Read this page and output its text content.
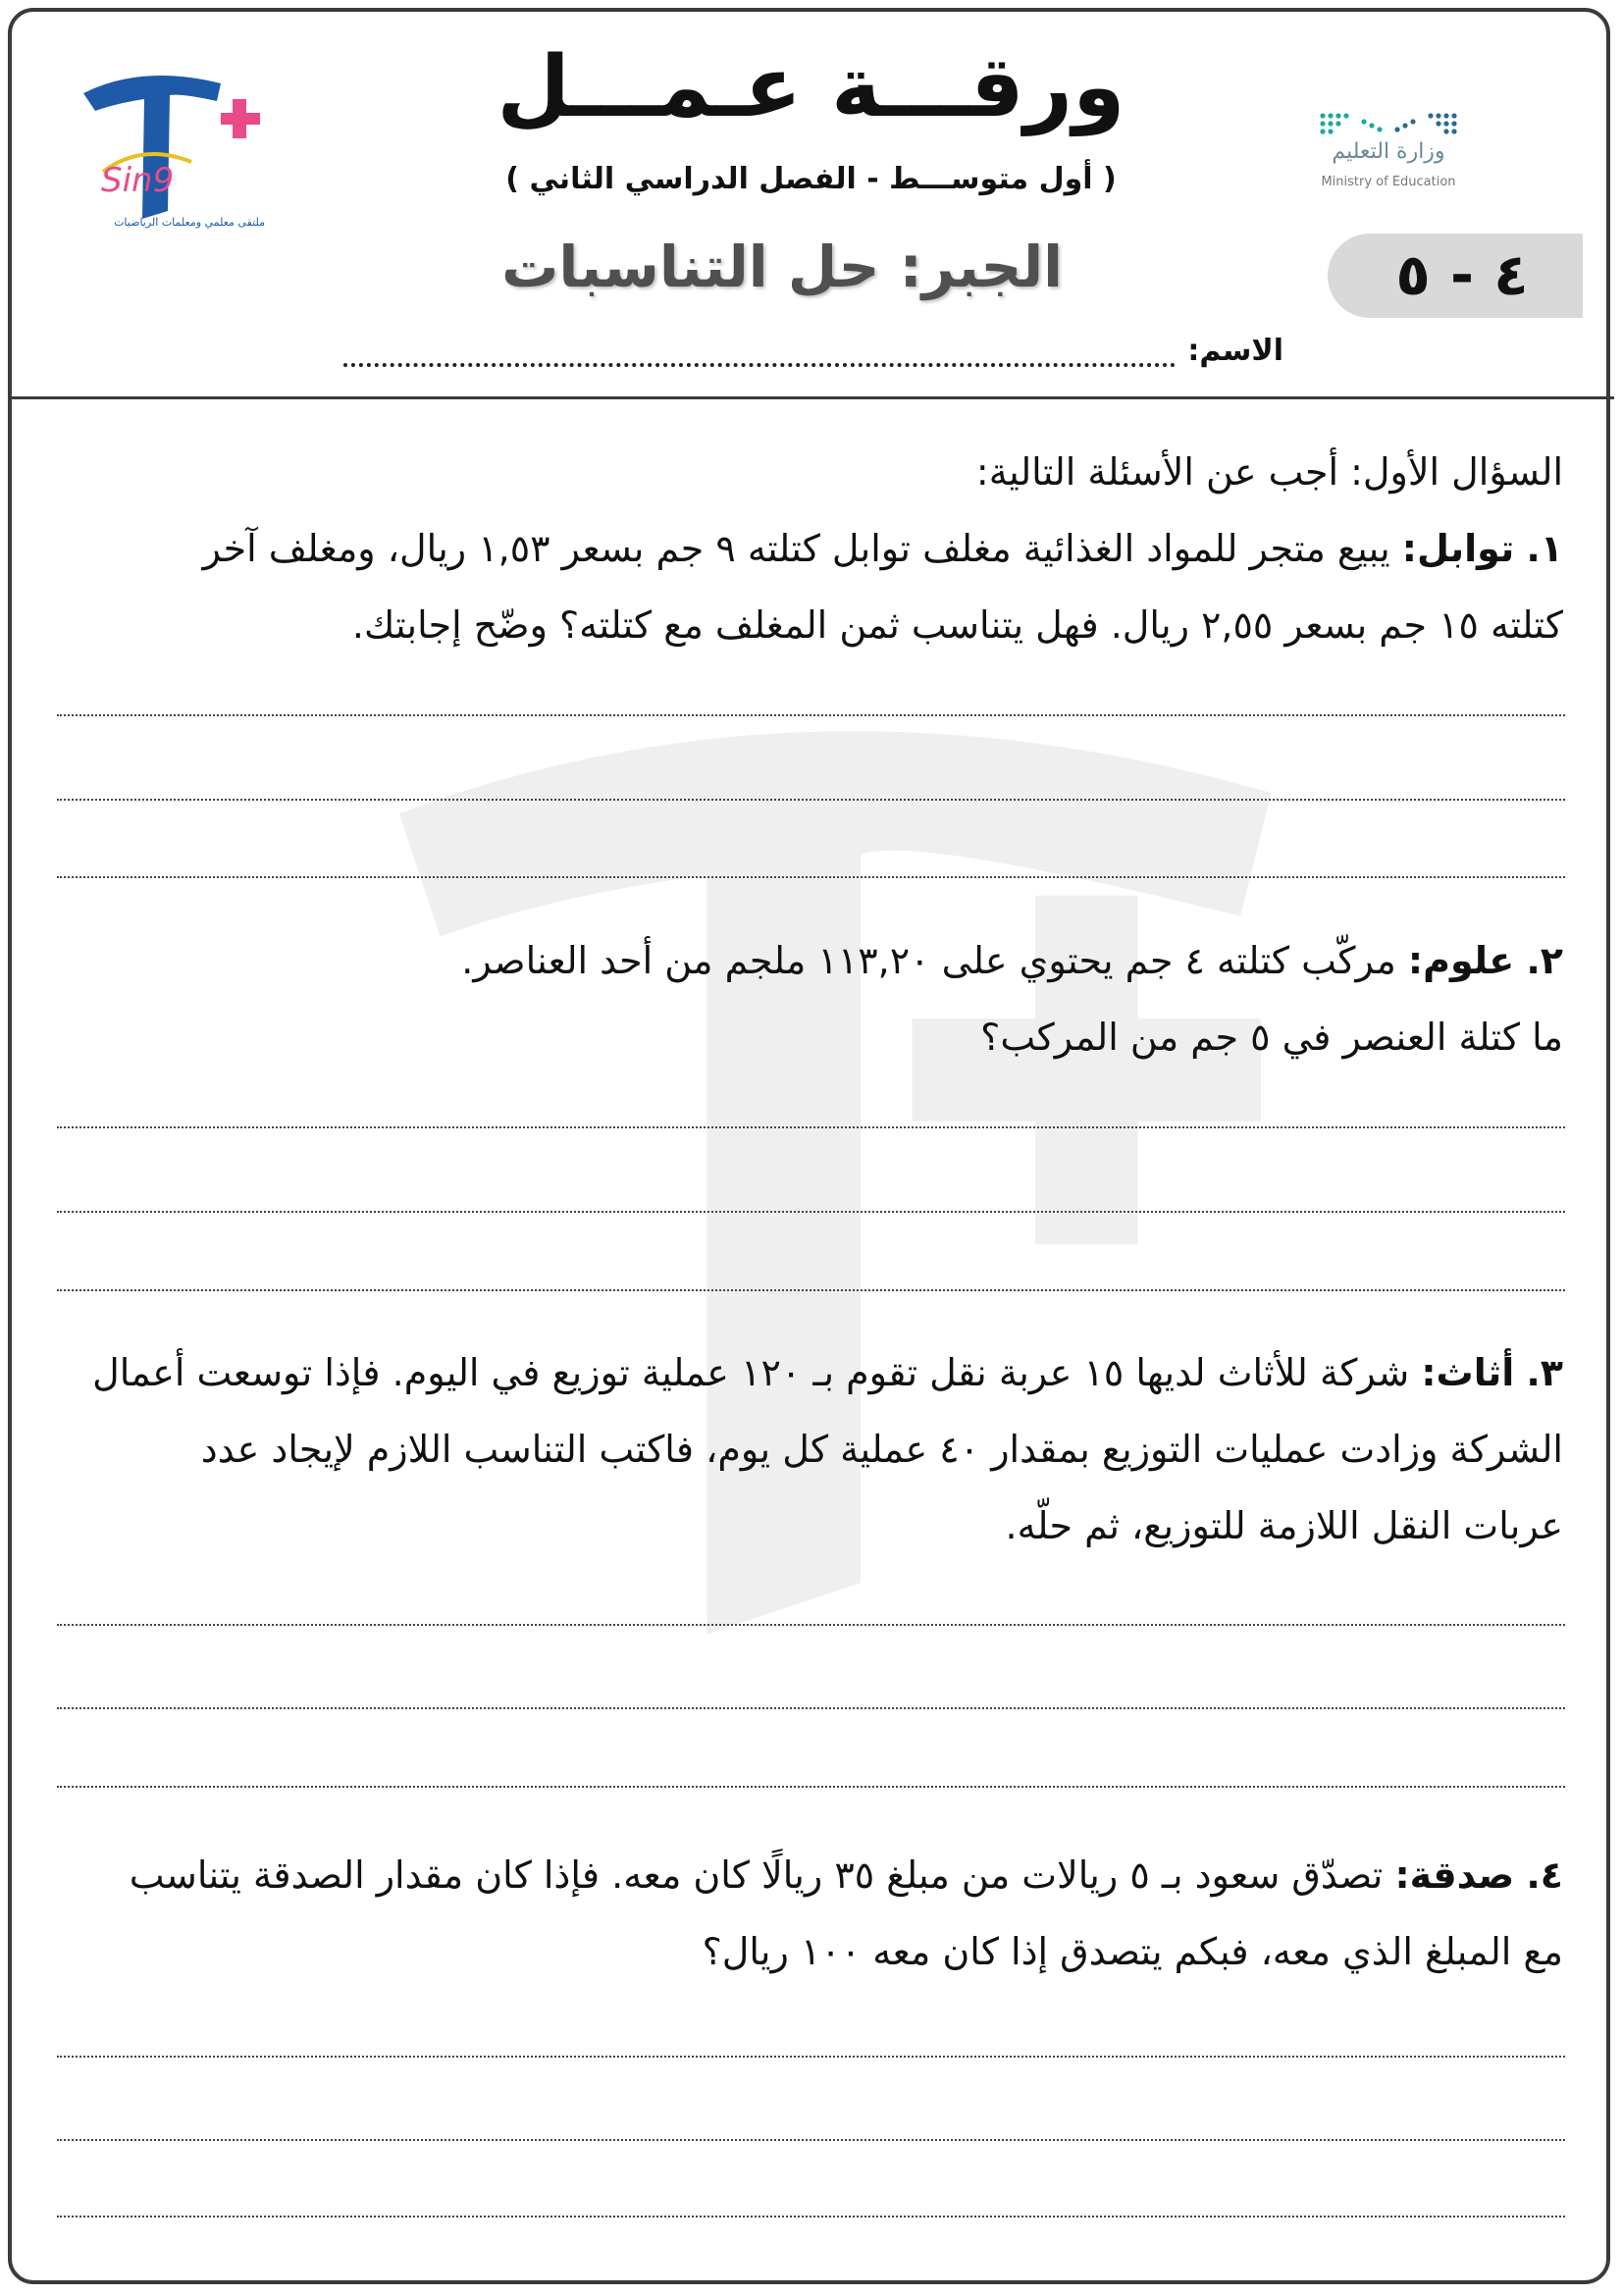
ورقـــة عـمـــل
( أول متوســـط - الفصل الدراسي الثاني )
الجبر: حل التناسبات	٤ - ٥
الاسم:
وزارة التعليم
Ministry of Education
Sin9
ملتقى معلمي ومعلمات الرياضيات
السؤال الأول: أجب عن الأسئلة التالية:
١. توابل: يبيع متجر للمواد الغذائية مغلف توابل كتلته ٩ جم بسعر ١,٥٣ ريال، ومغلف آخر
كتلته ١٥ جم بسعر ٢,٥٥ ريال. فهل يتناسب ثمن المغلف مع كتلته؟ وضّح إجابتك.
٢. علوم: مركّب كتلته ٤ جم يحتوي على ١١٣,٢٠ ملجم من أحد العناصر.
ما كتلة العنصر في ٥ جم من المركب؟
٣. أثاث: شركة للأثاث لديها ١٥ عربة نقل تقوم بـ ١٢٠ عملية توزيع في اليوم. فإذا توسعت أعمال
الشركة وزادت عمليات التوزيع بمقدار ٤٠ عملية كل يوم، فاكتب التناسب اللازم لإيجاد عدد
عربات النقل اللازمة للتوزيع، ثم حلّه.
٤. صدقة: تصدّق سعود بـ ٥ ريالات من مبلغ ٣٥ ريالًا كان معه. فإذا كان مقدار الصدقة يتناسب
مع المبلغ الذي معه، فبكم يتصدق إذا كان معه ١٠٠ ريال؟
